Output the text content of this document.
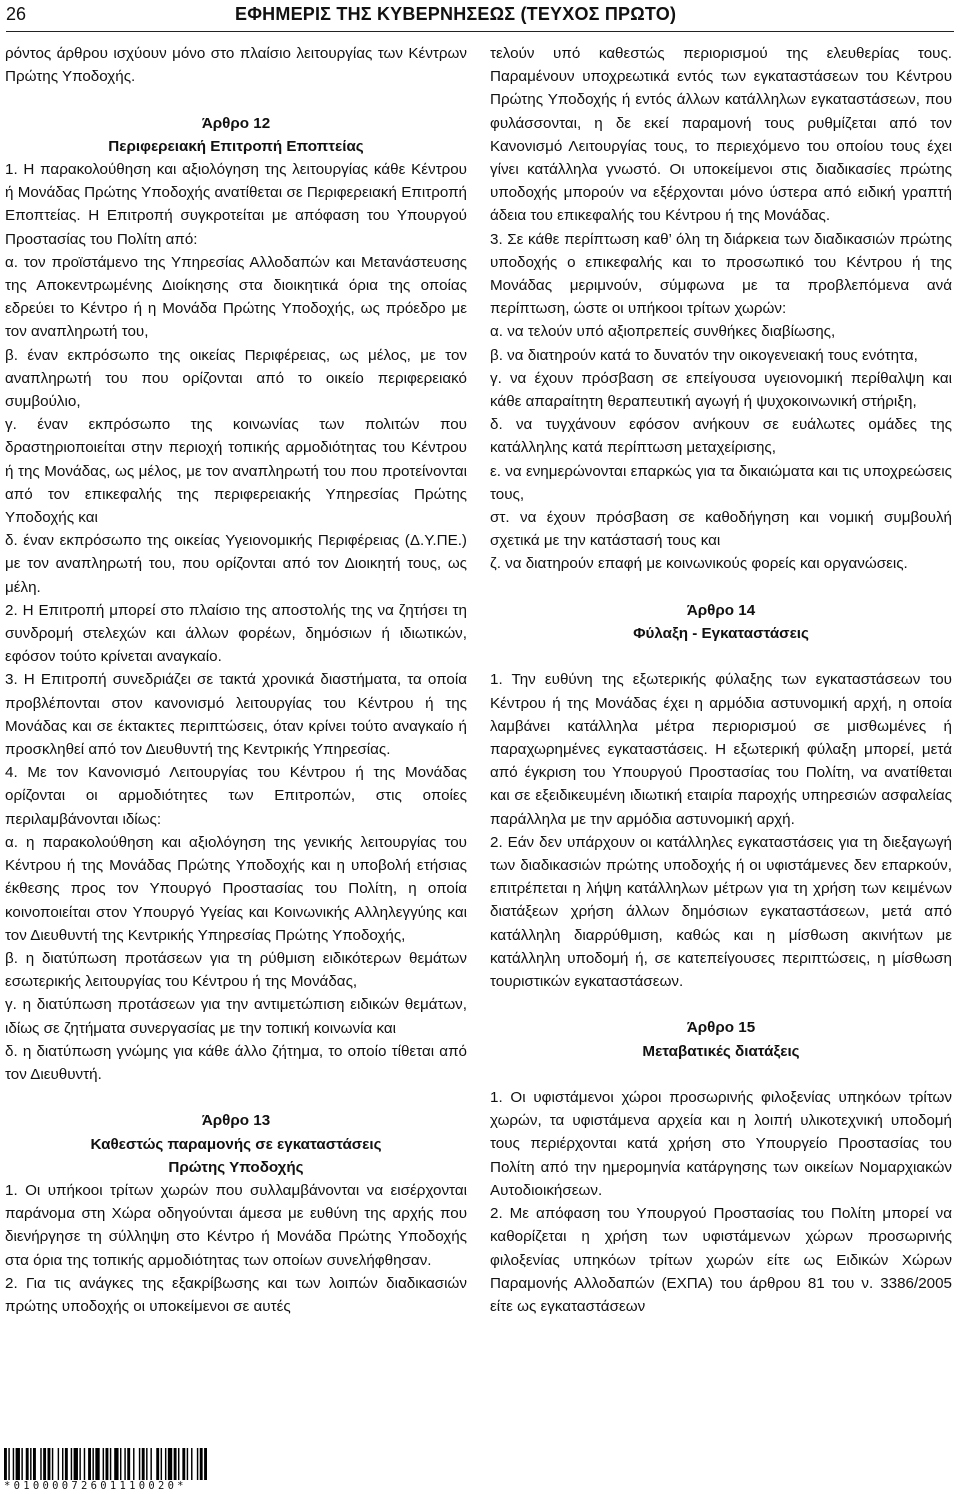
26	ΕΦΗΜΕΡΙΣ ΤΗΣ ΚΥΒΕΡΝΗΣΕΩΣ (ΤΕΥΧΟΣ ΠΡΩΤΟ)

ρόντος άρθρου ισχύουν μόνο στο πλαίσιο λειτουργίας των Κέντρων Πρώτης Υποδοχής.

Άρθρο 12

Περιφερειακή Επιτροπή Εποπτείας

1. Η παρακολούθηση και αξιολόγηση της λειτουργίας κάθε Κέντρου ή Μονάδας Πρώτης Υποδοχής ανατίθεται σε Περιφερειακή Επιτροπή Εποπτείας. Η Επιτροπή συγκροτείται με απόφαση του Υπουργού Προστασίας του Πολίτη από:

α. τον προϊστάμενο της Υπηρεσίας Αλλοδαπών και Μετανάστευσης της Αποκεντρωμένης Διοίκησης στα διοικητικά όρια της οποίας εδρεύει το Κέντρο ή η Μονάδα Πρώτης Υποδοχής, ως πρόεδρο με τον αναπληρωτή του,

β. έναν εκπρόσωπο της οικείας Περιφέρειας, ως μέλος, με τον αναπληρωτή του που ορίζονται από το οικείο περιφερειακό συμβούλιο,

γ. έναν εκπρόσωπο της κοινωνίας των πολιτών που δραστηριοποιείται στην περιοχή τοπικής αρμοδιότητας του Κέντρου ή της Μονάδας, ως μέλος, με τον αναπληρωτή του που προτείνονται από τον επικεφαλής της περιφερειακής Υπηρεσίας Πρώτης Υποδοχής και

δ. έναν εκπρόσωπο της οικείας Υγειονομικής Περιφέρειας (Δ.Υ.ΠΕ.) με τον αναπληρωτή του, που ορίζονται από τον Διοικητή τους, ως μέλη.

2. Η Επιτροπή μπορεί στο πλαίσιο της αποστολής της να ζητήσει τη συνδρομή στελεχών και άλλων φορέων, δημόσιων ή ιδιωτικών, εφόσον τούτο κρίνεται αναγκαίο.

3. Η Επιτροπή συνεδριάζει σε τακτά χρονικά διαστήματα, τα οποία προβλέπονται στον κανονισμό λειτουργίας του Κέντρου ή της Μονάδας και σε έκτακτες περιπτώσεις, όταν κρίνει τούτο αναγκαίο ή προσκληθεί από τον Διευθυντή της Κεντρικής Υπηρεσίας.

4. Με τον Κανονισμό Λειτουργίας του Κέντρου ή της Μονάδας ορίζονται οι αρμοδιότητες των Επιτροπών, στις οποίες περιλαμβάνονται ιδίως:

α. η παρακολούθηση και αξιολόγηση της γενικής λειτουργίας του Κέντρου ή της Μονάδας Πρώτης Υποδοχής και η υποβολή ετήσιας έκθεσης προς τον Υπουργό Προστασίας του Πολίτη, η οποία κοινοποιείται στον Υπουργό Υγείας και Κοινωνικής Αλληλεγγύης και τον Διευθυντή της Κεντρικής Υπηρεσίας Πρώτης Υποδοχής,

β. η διατύπωση προτάσεων για τη ρύθμιση ειδικότερων θεμάτων εσωτερικής λειτουργίας του Κέντρου ή της Μονάδας,

γ. η διατύπωση προτάσεων για την αντιμετώπιση ειδικών θεμάτων, ιδίως σε ζητήματα συνεργασίας με την τοπική κοινωνία και

δ. η διατύπωση γνώμης για κάθε άλλο ζήτημα, το οποίο τίθεται από τον Διευθυντή.

Άρθρο 13

Καθεστώς παραμονής σε εγκαταστάσεις

Πρώτης Υποδοχής

1. Οι υπήκοοι τρίτων χωρών που συλλαμβάνονται να εισέρχονται παράνομα στη Χώρα οδηγούνται άμεσα με ευθύνη της αρχής που διενήργησε τη σύλληψη στο Κέντρο ή Μονάδα Πρώτης Υποδοχής στα όρια της τοπικής αρμοδιότητας των οποίων συνελήφθησαν.

2. Για τις ανάγκες της εξακρίβωσης και των λοιπών διαδικασιών πρώτης υποδοχής οι υποκείμενοι σε αυτές

τελούν υπό καθεστώς περιορισμού της ελευθερίας τους. Παραμένουν υποχρεωτικά εντός των εγκαταστάσεων του Κέντρου Πρώτης Υποδοχής ή εντός άλλων κατάλληλων εγκαταστάσεων, που φυλάσσονται, η δε εκεί παραμονή τους ρυθμίζεται από τον Κανονισμό Λειτουργίας τους, το περιεχόμενο του οποίου τους έχει γίνει κατάλληλα γνωστό. Οι υποκείμενοι στις διαδικασίες πρώτης υποδοχής μπορούν να εξέρχονται μόνο ύστερα από ειδική γραπτή άδεια του επικεφαλής του Κέντρου ή της Μονάδας.

3. Σε κάθε περίπτωση καθ’ όλη τη διάρκεια των διαδικασιών πρώτης υποδοχής ο επικεφαλής και το προσωπικό του Κέντρου ή της Μονάδας μεριμνούν, σύμφωνα με τα προβλεπόμενα ανά περίπτωση, ώστε οι υπήκοοι τρίτων χωρών:

α. να τελούν υπό αξιοπρεπείς συνθήκες διαβίωσης,

β. να διατηρούν κατά το δυνατόν την οικογενειακή τους ενότητα,

γ. να έχουν πρόσβαση σε επείγουσα υγειονομική περίθαλψη και κάθε απαραίτητη θεραπευτική αγωγή ή ψυχοκοινωνική στήριξη,

δ. να τυγχάνουν εφόσον ανήκουν σε ευάλωτες ομάδες της κατάλληλης κατά περίπτωση μεταχείρισης,

ε. να ενημερώνονται επαρκώς για τα δικαιώματα και τις υποχρεώσεις τους,

στ. να έχουν πρόσβαση σε καθοδήγηση και νομική συμβουλή σχετικά με την κατάστασή τους και

ζ. να διατηρούν επαφή με κοινωνικούς φορείς και οργανώσεις.

Άρθρο 14

Φύλαξη - Εγκαταστάσεις

1. Την ευθύνη της εξωτερικής φύλαξης των εγκαταστάσεων του Κέντρου ή της Μονάδας έχει η αρμόδια αστυνομική αρχή, η οποία λαμβάνει κατάλληλα μέτρα περιορισμού σε μισθωμένες ή παραχωρημένες εγκαταστάσεις. Η εξωτερική φύλαξη μπορεί, μετά από έγκριση του Υπουργού Προστασίας του Πολίτη, να ανατίθεται και σε εξειδικευμένη ιδιωτική εταιρία παροχής υπηρεσιών ασφαλείας παράλληλα με την αρμόδια αστυνομική αρχή.

2. Εάν δεν υπάρχουν οι κατάλληλες εγκαταστάσεις για τη διεξαγωγή των διαδικασιών πρώτης υποδοχής ή οι υφιστάμενες δεν επαρκούν, επιτρέπεται η λήψη κατάλληλων μέτρων για τη χρήση των κειμένων διατάξεων χρήση άλλων δημόσιων εγκαταστάσεων, μετά από κατάλληλη διαρρύθμιση, καθώς και η μίσθωση ακινήτων με κατάλληλη υποδομή ή, σε κατεπείγουσες περιπτώσεις, η μίσθωση τουριστικών εγκαταστάσεων.

Άρθρο 15

Μεταβατικές διατάξεις

1. Οι υφιστάμενοι χώροι προσωρινής φιλοξενίας υπηκόων τρίτων χωρών, τα υφιστάμενα αρχεία και η λοιπή υλικοτεχνική υποδομή τους περιέρχονται κατά χρήση στο Υπουργείο Προστασίας του Πολίτη από την ημερομηνία κατάργησης των οικείων Νομαρχιακών Αυτοδιοικήσεων.

2. Με απόφαση του Υπουργού Προστασίας του Πολίτη μπορεί να καθορίζεται η χρήση των υφιστάμενων χώρων προσωρινής φιλοξενίας υπηκόων τρίτων χωρών είτε ως Ειδικών Χώρων Παραμονής Αλλοδαπών (ΕΧΠΑ) του άρθρου 81 του ν. 3386/2005 είτε ως εγκαταστάσεων

*01000072601110020*
